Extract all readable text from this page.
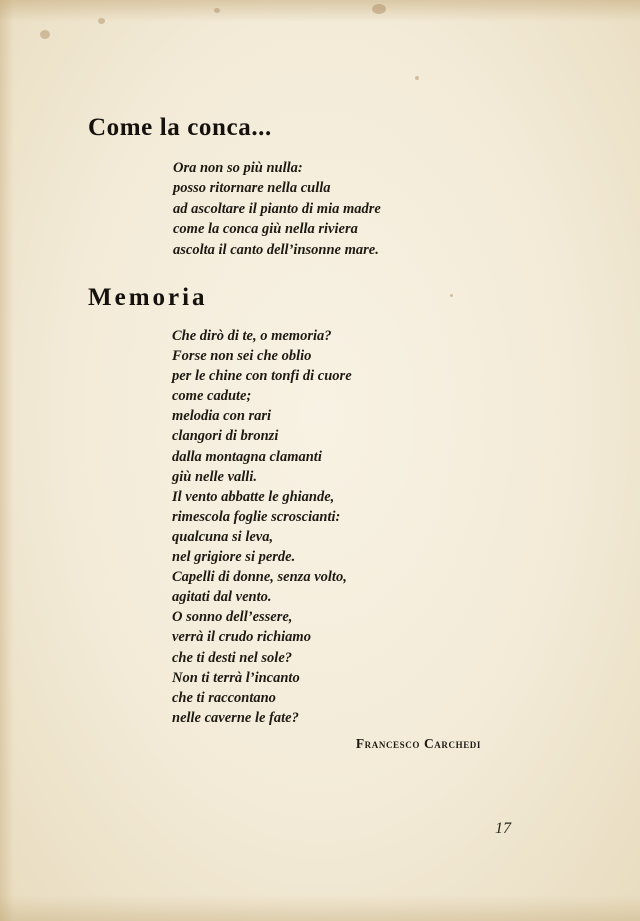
Come la conca...
Ora non so più nulla:
posso ritornare nella culla
ad ascoltare il pianto di mia madre
come la conca giù nella riviera
ascolta il canto dell’insonne mare.
Memoria
Che dirò di te, o memoria?
Forse non sei che oblio
per le chine con tonfi di cuore
come cadute;
melodia con rari
clangori di bronzi
dalla montagna clamanti
giù nelle valli.
Il vento abbatte le ghiande,
rimescola foglie scroscianti:
qualcuna si leva,
nel grigiore si perde.
Capelli di donne, senza volto,
agitati dal vento.
O sonno dell’essere,
verrà il crudo richiamo
che ti desti nel sole?
Non ti terrà l’incanto
che ti raccontano
nelle caverne le fate?
Francesco Carchedi
17
